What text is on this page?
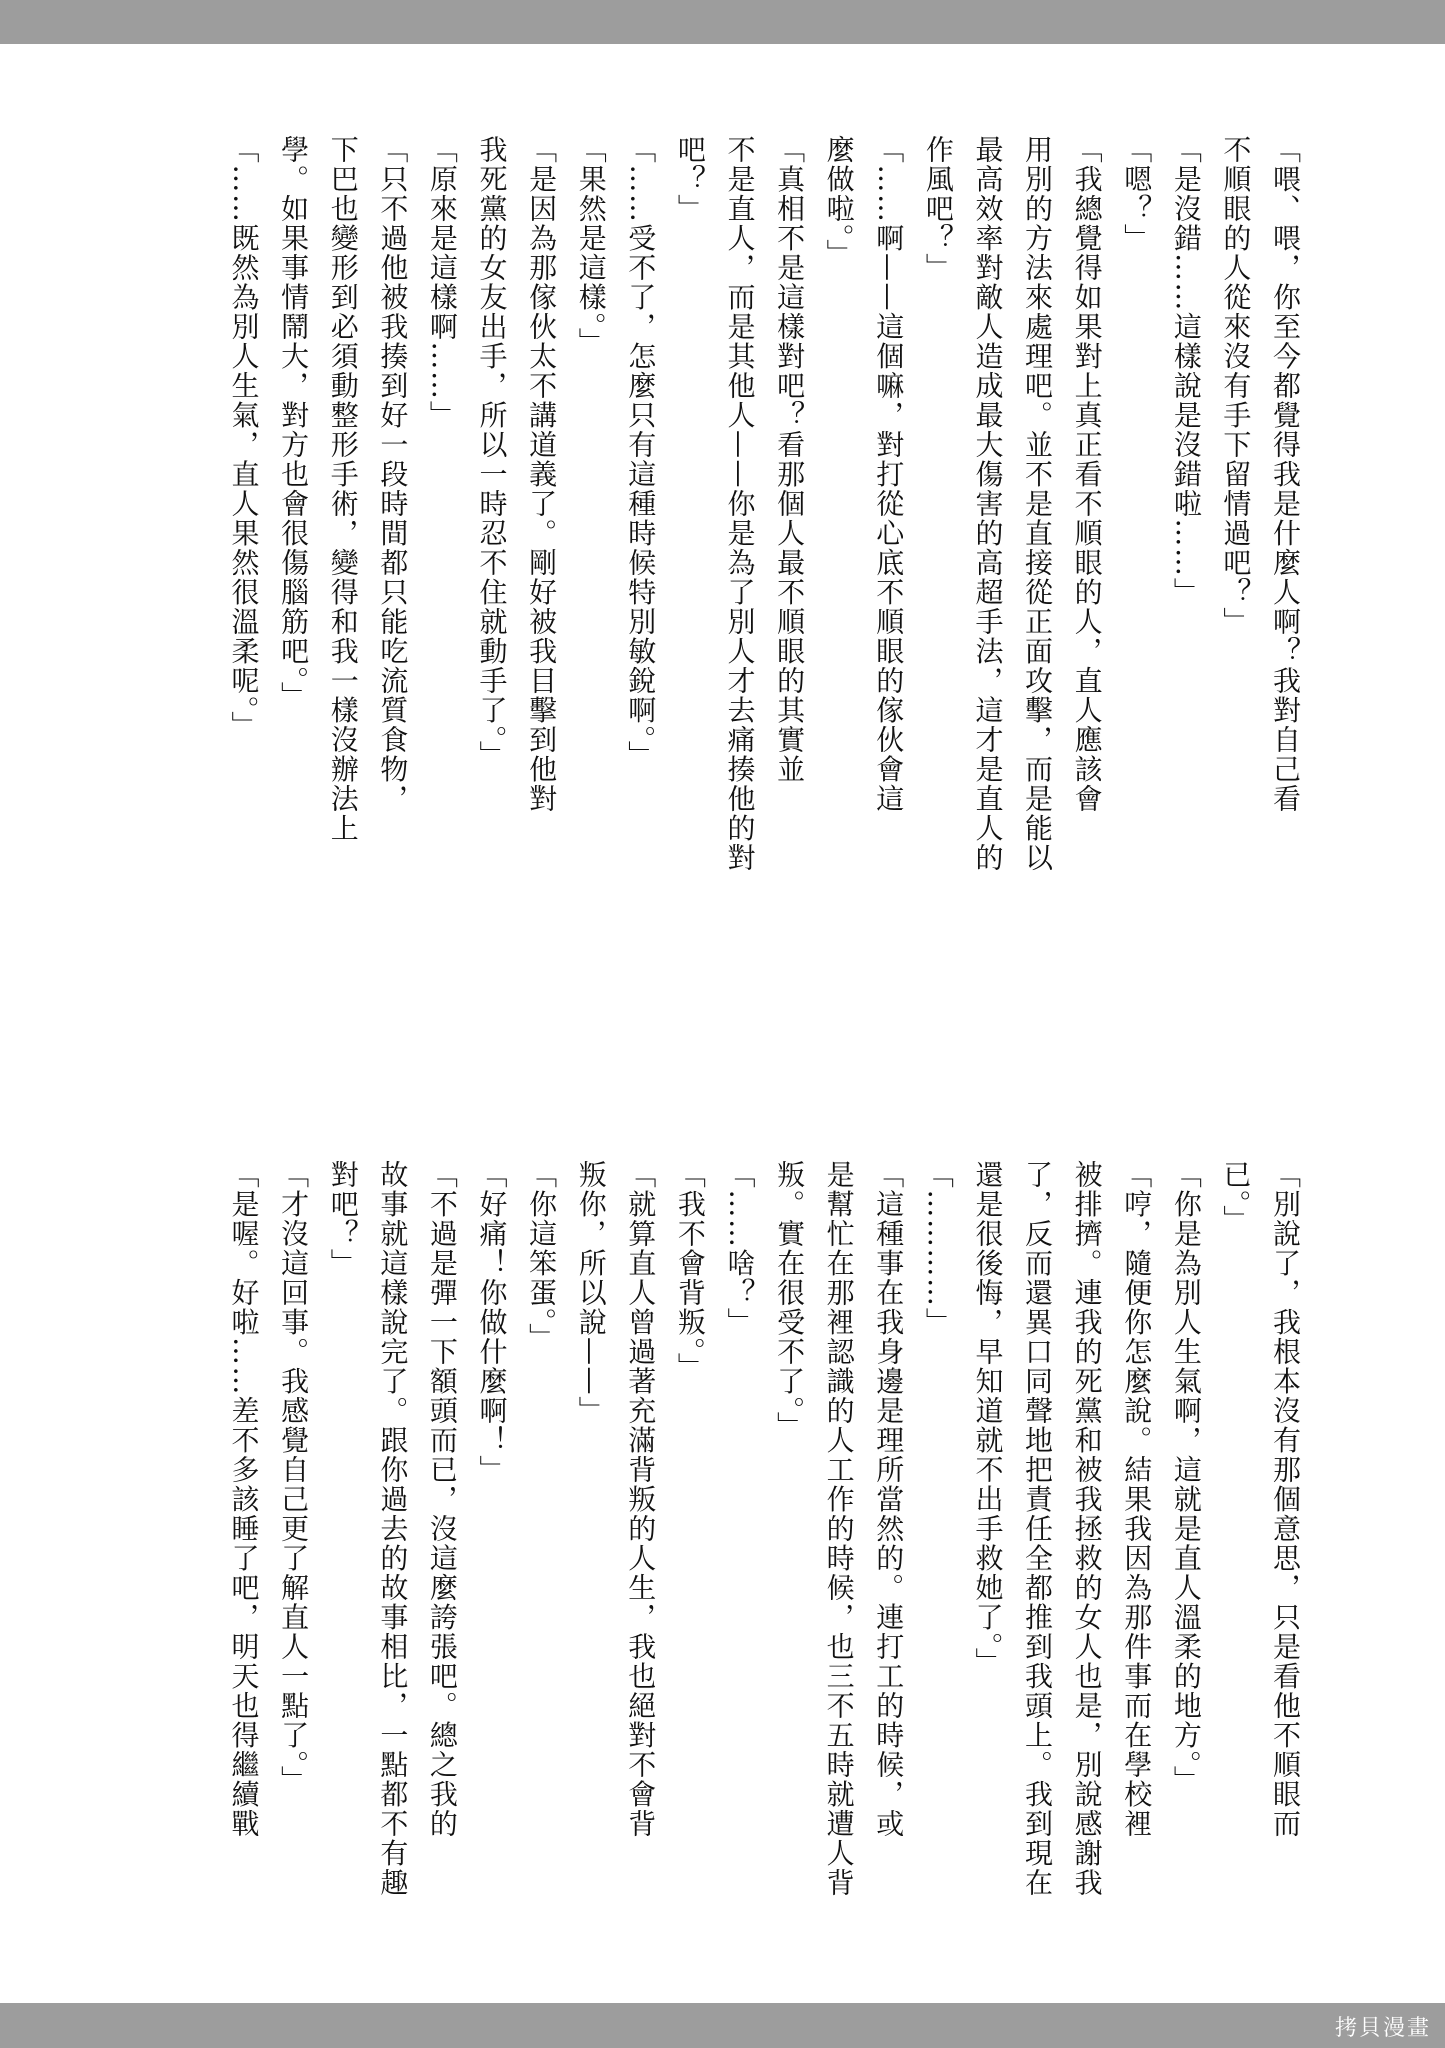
「喂、喂，你至今都覺得我是什麼人啊？我對自己看
不順眼的人從來沒有手下留情過吧？」
「是沒錯……這樣說是沒錯啦……」
「嗯？」
「我總覺得如果對上真正看不順眼的人，直人應該會
用別的方法來處理吧。並不是直接從正面攻擊，而是能以
最高效率對敵人造成最大傷害的高超手法，這才是直人的
作風吧？」
「……啊——這個嘛，對打從心底不順眼的傢伙會這
麼做啦。」
「真相不是這樣對吧？看那個人最不順眼的其實並
不是直人，而是其他人——你是為了別人才去痛揍他的對
吧？」
「……受不了，怎麼只有這種時候特別敏銳啊。」
「果然是這樣。」
「是因為那傢伙太不講道義了。剛好被我目擊到他對
我死黨的女友出手，所以一時忍不住就動手了。」
「原來是這樣啊……」
「只不過他被我揍到好一段時間都只能吃流質食物，
下巴也變形到必須動整形手術，變得和我一樣沒辦法上
學。如果事情鬧大，對方也會很傷腦筋吧。」
「……既然為別人生氣，直人果然很溫柔呢。」
「別說了，我根本沒有那個意思，只是看他不順眼而
已。」
「你是為別人生氣啊，這就是直人溫柔的地方。」
「哼，隨便你怎麼說。結果我因為那件事而在學校裡
被排擠。連我的死黨和被我拯救的女人也是，別說感謝我
了，反而還異口同聲地把責任全都推到我頭上。我到現在
還是很後悔，早知道就不出手救她了。」
「…………」
「這種事在我身邊是理所當然的。連打工的時候，或
是幫忙在那裡認識的人工作的時候，也三不五時就遭人背
叛。實在很受不了。」
「……啥？」
「我不會背叛。」
「就算直人曾過著充滿背叛的人生，我也絕對不會背
叛你，所以說——」
「你這笨蛋。」
「好痛！你做什麼啊！」
「不過是彈一下額頭而已，沒這麼誇張吧。總之我的
故事就這樣說完了。跟你過去的故事相比，一點都不有趣
對吧？」
「才沒這回事。我感覺自己更了解直人一點了。」
「是喔。好啦……差不多該睡了吧，明天也得繼續戰
拷貝漫畫
